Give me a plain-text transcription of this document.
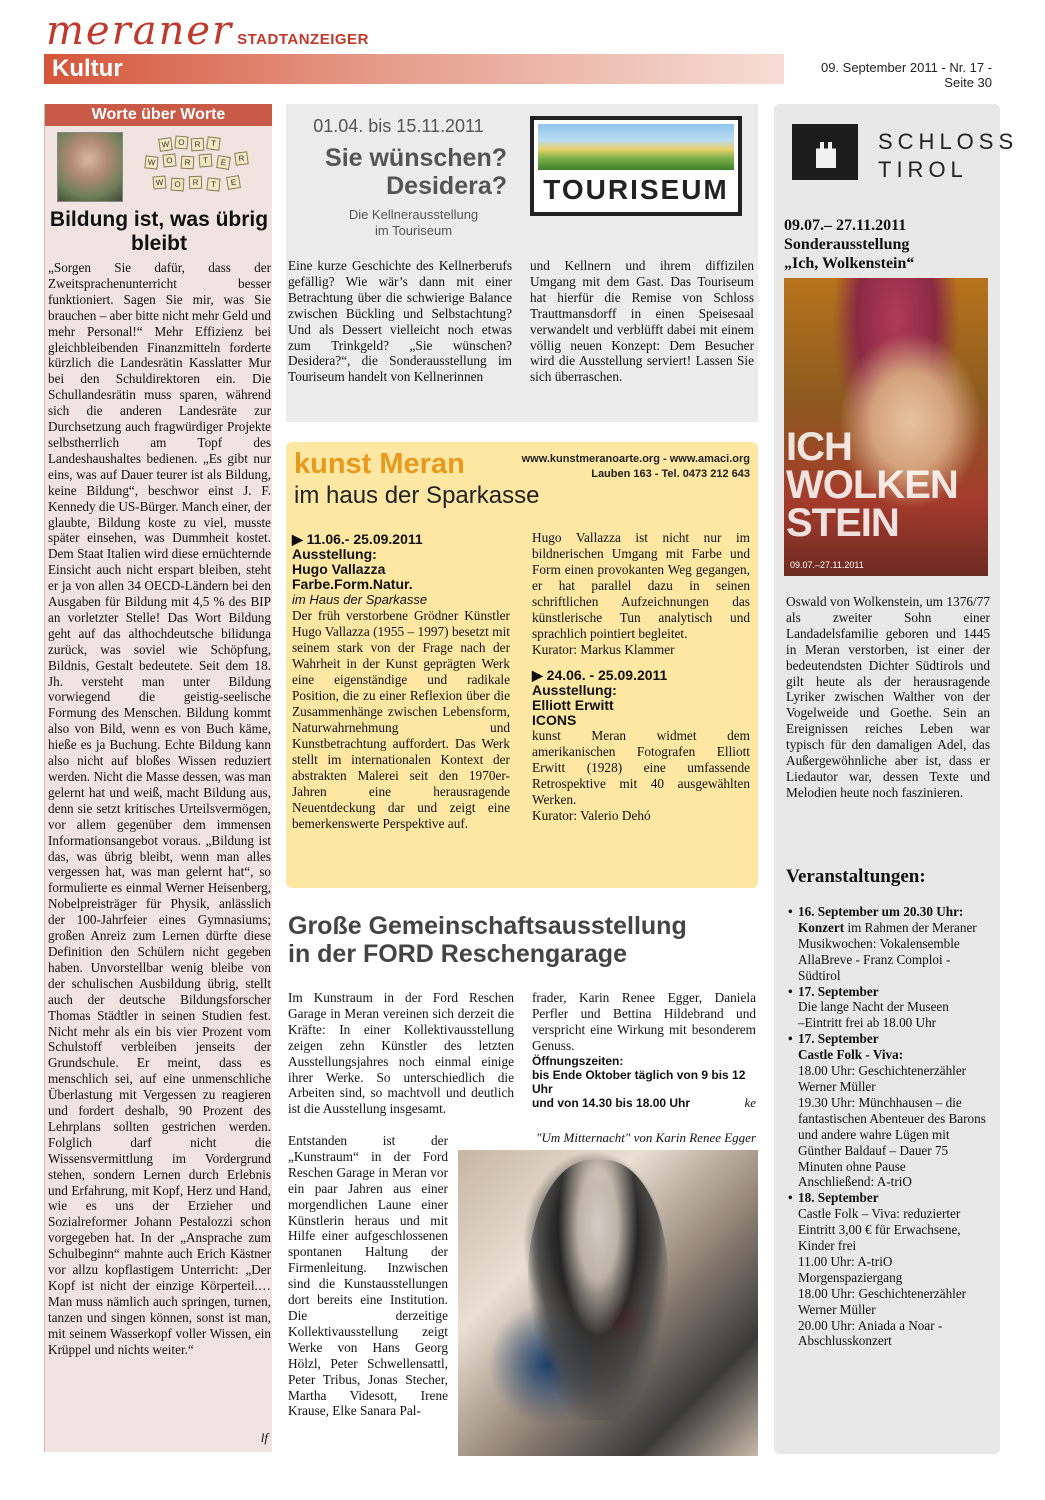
meraner STADTANZEIGER
Kultur	09. September 2011 - Nr. 17 - Seite 30
Worte über Worte
W	O	R	T
W	O	R	T	E	R
W	O	R	T	E
Bildung ist, was übrig bleibt

„Sorgen Sie dafür, dass der Zweitsprachenunterricht besser funktioniert. Sagen Sie mir, was Sie brauchen – aber bitte nicht mehr Geld und mehr Personal!“ Mehr Effizienz bei gleichbleibenden Finanzmitteln forderte kürzlich die Landesrätin Kasslatter Mur bei den Schuldirektoren ein. Die Schullandesrätin muss sparen, während sich die anderen Landesräte zur Durchsetzung auch fragwürdiger Projekte selbstherrlich am Topf des Landeshaushaltes bedienen. „Es gibt nur eins, was auf Dauer teurer ist als Bildung, keine Bildung“, beschwor einst J. F. Kennedy die US-Bürger. Manch einer, der glaubte, Bildung koste zu viel, musste später einsehen, was Dummheit kostet. Dem Staat Italien wird diese ernüchternde Einsicht auch nicht erspart bleiben, steht er ja von allen 34 OECD-Ländern bei den Ausgaben für Bildung mit 4,5 % des BIP an vorletzter Stelle! Das Wort Bildung geht auf das althochdeutsche bilidunga zurück, was soviel wie Schöpfung, Bildnis, Gestalt bedeutete. Seit dem 18. Jh. versteht man unter Bildung vorwiegend die geistig-seelische Formung des Menschen. Bildung kommt also von Bild, wenn es von Buch käme, hieße es ja Buchung. Echte Bildung kann also nicht auf bloßes Wissen reduziert werden. Nicht die Masse dessen, was man gelernt hat und weiß, macht Bildung aus, denn sie setzt kritisches Urteilsvermögen, vor allem gegenüber dem immensen Informationsangebot voraus. „Bildung ist das, was übrig bleibt, wenn man alles vergessen hat, was man gelernt hat“, so formulierte es einmal Werner Heisenberg, Nobelpreisträger für Physik, anlässlich der 100-Jahrfeier eines Gymnasiums; großen Anreiz zum Lernen dürfte diese Definition den Schülern nicht gegeben haben. Unvorstellbar wenig bleibe von der schulischen Ausbildung übrig, stellt auch der deutsche Bildungsforscher Thomas Städtler in seinen Studien fest. Nicht mehr als ein bis vier Prozent vom Schulstoff verbleiben jenseits der Grundschule. Er meint, dass es menschlich sei, auf eine unmenschliche Überlastung mit Vergessen zu reagieren und fordert deshalb, 90 Prozent des Lehrplans sollten gestrichen werden. Folglich darf nicht die Wissensvermittlung im Vordergrund stehen, sondern Lernen durch Erlebnis und Erfahrung, mit Kopf, Herz und Hand, wie es uns der Erzieher und Sozialreformer Johann Pestalozzi schon vorgegeben hat. In der „Ansprache zum Schulbeginn“ mahnte auch Erich Kästner vor allzu kopflastigem Unterricht: „Der Kopf ist nicht der einzige Körperteil.… Man muss nämlich auch springen, turnen, tanzen und singen können, sonst ist man, mit seinem Wasserkopf voller Wissen, ein Krüppel und nichts weiter.“

lf
01.04. bis 15.11.2011
Sie wünschen?
Desidera?
Die Kellnerausstellung
im Touriseum
TOURISEUM

Eine kurze Geschichte des Kellnerberufs gefällig? Wie wär’s dann mit einer Betrachtung über die schwierige Balance zwischen Bückling und Selbstachtung? Und als Dessert vielleicht noch etwas zum Trinkgeld? „Sie wünschen? Desidera?“, die Sonderausstellung im Touriseum handelt von Kellnerinnen

und Kellnern und ihrem diffizilen Umgang mit dem Gast. Das Touriseum hat hierfür die Remise von Schloss Trauttmansdorff in einen Speisesaal verwandelt und verblüfft dabei mit einem völlig neuen Konzept: Dem Besucher wird die Ausstellung serviert! Lassen Sie sich überraschen.

kunst Meran
im haus der Sparkasse
www.kunstmeranoarte.org - www.amaci.org
Lauben 163 - Tel. 0473 212 643
▶ 11.06.- 25.09.2011
Ausstellung:
Hugo Vallazza
Farbe.Form.Natur.
im Haus der Sparkasse

Der früh verstorbene Grödner Künstler Hugo Vallazza (1955 – 1997) besetzt mit seinem stark von der Frage nach der Wahrheit in der Kunst geprägten Werk eine eigenständige und radikale Position, die zu einer Reflexion über die Zusammenhänge zwischen Lebensform, Naturwahrnehmung und Kunstbetrachtung auffordert. Das Werk stellt im internationalen Kontext der abstrakten Malerei seit den 1970er-Jahren eine herausragende Neuentdeckung dar und zeigt eine bemerkenswerte Perspektive auf.

Hugo Vallazza ist nicht nur im bildnerischen Umgang mit Farbe und Form einen provokanten Weg gegangen, er hat parallel dazu in seinen schriftlichen Aufzeichnungen das künstlerische Tun analytisch und sprachlich pointiert begleitet.

Kurator: Markus Klammer

▶ 24.06. - 25.09.2011
Ausstellung:
Elliott Erwitt
ICONS

kunst Meran widmet dem amerikanischen Fotografen Elliott Erwitt (1928) eine umfassende Retrospektive mit 40 ausgewählten Werken.

Kurator: Valerio Dehó

Große Gemeinschaftsausstellung
in der FORD Reschengarage

Im Kunstraum in der Ford Reschen Garage in Meran vereinen sich derzeit die Kräfte: In einer Kollektivausstellung zeigen zehn Künstler des letzten Ausstellungsjahres noch einmal einige ihrer Werke. So unterschiedlich die Arbeiten sind, so machtvoll und deutlich ist die Ausstellung insgesamt.

Entstanden ist der „Kunstraum“ in der Ford Reschen Garage in Meran vor ein paar Jahren aus einer morgendlichen Laune einer Künstlerin heraus und mit Hilfe einer aufgeschlossenen spontanen Haltung der Firmenleitung. Inzwischen sind die Kunstausstellungen dort bereits eine Institution. Die derzeitige Kollektivausstellung zeigt Werke von Hans Georg Hölzl, Peter Schwellensattl, Peter Tribus, Jonas Stecher, Martha Videsott, Irene Krause, Elke Sanara Pal-

frader, Karin Renee Egger, Daniela Perfler und Bettina Hildebrand und verspricht eine Wirkung mit besonderem Genuss.

Öffnungszeiten:
bis Ende Oktober täglich von 9 bis 12 Uhr
und von 14.30 bis 18.00 Uhr	ke
"Um Mitternacht" von Karin Renee Egger
SCHLOSS
TIROL
09.07.– 27.11.2011
Sonderausstellung
„Ich, Wolkenstein“
ICH
WOLKEN
STEIN
09.07.–27.11.2011

Oswald von Wolkenstein, um 1376/77 als zweiter Sohn einer Landadelsfamilie geboren und 1445 in Meran verstorben, ist einer der bedeutendsten Dichter Südtirols und gilt heute als der herausragende Lyriker zwischen Walther von der Vogelweide und Goethe. Sein an Ereignissen reiches Leben war typisch für den damaligen Adel, das Außergewöhnliche aber ist, dass er Liedautor war, dessen Texte und Melodien heute noch faszinieren.

Veranstaltungen:
• 16. September um 20.30 Uhr:
Konzert im Rahmen der Meraner Musikwochen: Vokalensemble AllaBreve - Franz Comploi - Südtirol
• 17. September
Die lange Nacht der Museen
–Eintritt frei ab 18.00 Uhr
• 17. September
Castle Folk - Viva:
18.00 Uhr: Geschichtenerzähler Werner Müller
19.30 Uhr: Münchhausen – die fantastischen Abenteuer des Barons und andere wahre Lügen mit Günther Baldauf – Dauer 75 Minuten ohne Pause
Anschließend: A-triO
• 18. September
Castle Folk – Viva: reduzierter Eintritt 3,00 € für Erwachsene, Kinder frei
11.00 Uhr: A-triO Morgenspaziergang
18.00 Uhr: Geschichtenerzähler Werner Müller
20.00 Uhr: Aniada a Noar - Abschlusskonzert
